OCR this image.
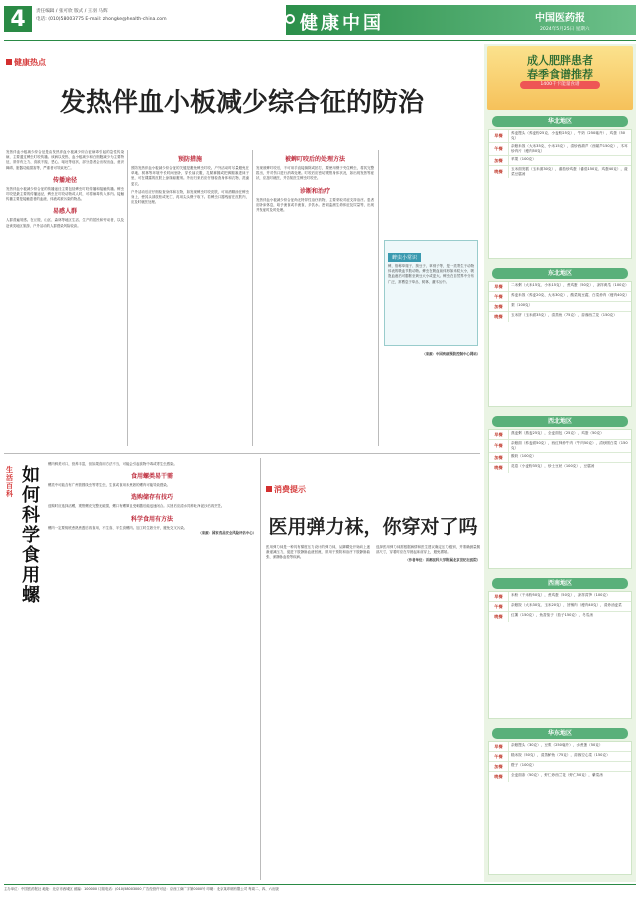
4	责任编辑 / 张可欣 版式 / 王羽 马辉
电话: (010)58003775 E-mail: zhongke@health-china.com	健康中国	中国医药报
2024年5月25日 星期六
健康热点
发热伴血小板减少综合征的防治

发热伴血小板减少综合征是由发热伴血小板减少综合征病毒引起的急性传染病，主要通过蜱虫叮咬传播。该病以发热、血小板减少和白细胞减少为主要特征，常伴有乏力、食欲不振、恶心、呕吐等症状，部分患者会出现出血、意识障碍、脏器功能损害等，严重者可导致死亡。

传播途径

发热伴血小板减少综合征的传播途径主要包括蜱虫叮咬传播和接触传播。蜱虫叮咬是最主要的传播途径，蜱虫在叮咬动物或人时，可将病毒传入体内。接触传播主要是接触患者的血液、体液或被污染的物品。

易感人群

人群普遍易感。在丘陵、山区、森林等地区生活、生产的居民和劳动者，以及赴该类地区旅游、户外活动的人群感染风险较高。

预防措施

预防发热伴血小板减少综合征的关键是避免蜱虫叮咬。户外活动时尽量避免在草地、树林等环境中长时间坐卧，穿长袖衣服，扎紧裤腿或把裤腿塞进袜子里，可在裸露的皮肤上涂抹驱避剂。外出归来后应仔细检查身体和衣物，洗澡更衣。

户外活动后应仔细检查身体和衣物，如发现蜱虫叮咬皮肤，可用酒精涂在蜱虫身上，使其头部放松或死亡，再用尖头镊子取下。若蜱虫口器残留在皮肤内，应及时就医处理。

被蜱叮咬后的处理方法

发现被蜱叮咬后，不可用手直接摘除或拍打，要使用镊子夹住蜱虫，将其完整拔出，并对伤口进行消毒处理。叮咬后应密切观察身体状况，如出现发热等症状，应及时就医，并告知医生蜱虫叮咬史。

诊断和治疗

发热伴血小板减少综合征尚无特异性治疗药物，主要采取对症支持治疗。患者应卧床休息，给予流食或半流食，多饮水。密切监测生命体征及尿量等，出现并发症时及时处理。

蜱虫小常识

蜱，俗称草爬子、狗豆子、草别子等，是一类寄生于动物体表的吸血节肢动物。蜱虫在吸血前体形如米粒大小，吸饱血液后可膨胀至黄豆大小或更大。蜱虫在自然界中分布广泛，常栖息于草丛、树林、灌木丛中。

（来源：中国疾病预防控制中心网站）

生活百科
如何科学食用螺

螺肉鲜美可口，营养丰富，但如果食用方法不当，可能会引起食物中毒或寄生虫感染。

食用螺类易干需

螺类中可能含有广州管圆线虫等寄生虫，生食或食用未煮熟的螺肉可能导致感染。

选购储存有技巧

选购时应选择活螺，观察螺壳完整无破损，螺口有螺厣且受刺激后能迅速闭合。买回后应清水饲养吐净泥沙后再烹饪。

科学食用有方法

螺肉一定要彻底煮熟煮透后再食用，不生食、半生食螺肉。加工时生熟分开，避免交叉污染。

（来源：国家食品安全风险评估中心）

消费提示
医用弹力袜，你穿对了吗

医用弹力袜是一种具有梯度压力设计的弹力袜，从脚踝处开始向上逐渐递减压力，促进下肢静脉血液回流，常用于预防和治疗下肢静脉曲张、深静脉血栓等疾病。

选择医用弹力袜需根据病情和医生建议确定压力级别，并准确测量腿部尺寸，穿着时应在早晨起床前穿上，避免褶皱。

（作者单位：首都医科大学附属北京世纪坛医院）

成人肥胖患者
春季食谱推荐
1400千卡能量食谱
华北地区
早餐	荞麦馒头（荞麦粉25克、小麦粉25克），牛奶（250毫升），鸡蛋（50克）
午餐	杂粮米饭（大米35克、小米15克），清炒西葫芦（西葫芦150克），木耳炒肉片（瘦肉50克）
加餐	苹果（100克）
晚餐	玉米面发糕（玉米面30克），番茄炒鸡蛋（番茄150克、鸡蛋40克），菠菜豆腐汤
东北地区
早餐	二米粥（大米15克、小米15克），煮鸡蛋（50克），凉拌黄瓜（100克）
午餐	荞麦米饭（荞麦20克、大米30克），酸菜炖豆腐，白菜炒肉（瘦肉40克）
加餐	梨（100克）
晚餐	玉米饼（玉米面35克），清蒸鱼（75克），蒜蓉西兰花（150克）
西北地区
早餐	燕麦粥（燕麦25克），全麦面包（25克），鸡蛋（50克）
午餐	杂粮面（荞麦面50克），西红柿炒牛肉（牛肉50克），清炒圆白菜（150克）
加餐	酸奶（100克）
晚餐	花卷（小麦粉35克），炒土豆丝（100克），豆腐汤
西南地区
早餐	米粉（干米粉50克），煮鸡蛋（50克），凉拌莴笋（100克）
午餐	杂粮饭（大米30克、玉米20克），回锅肉（瘦肉40克），清炒油麦菜
晚餐	红薯（150克），鱼香茄子（茄子150克），冬瓜汤
华东地区
早餐	杂粮馒头（30克），豆浆（250毫升），水煮蛋（50克）
午餐	糙米饭（50克），清蒸鲈鱼（75克），蒜蓉空心菜（150克）
加餐	橙子（100克）
晚餐	全麦面条（50克），虾仁炒西兰花（虾仁50克），紫菜汤
主办单位：中国医药报社 地址：北京市西城区 邮编：100000 订阅电话：(010)58003000 广告经营许可证：京西工商广字第0000号 印刷：北京某印刷有限公司 每周二、四、六出版
